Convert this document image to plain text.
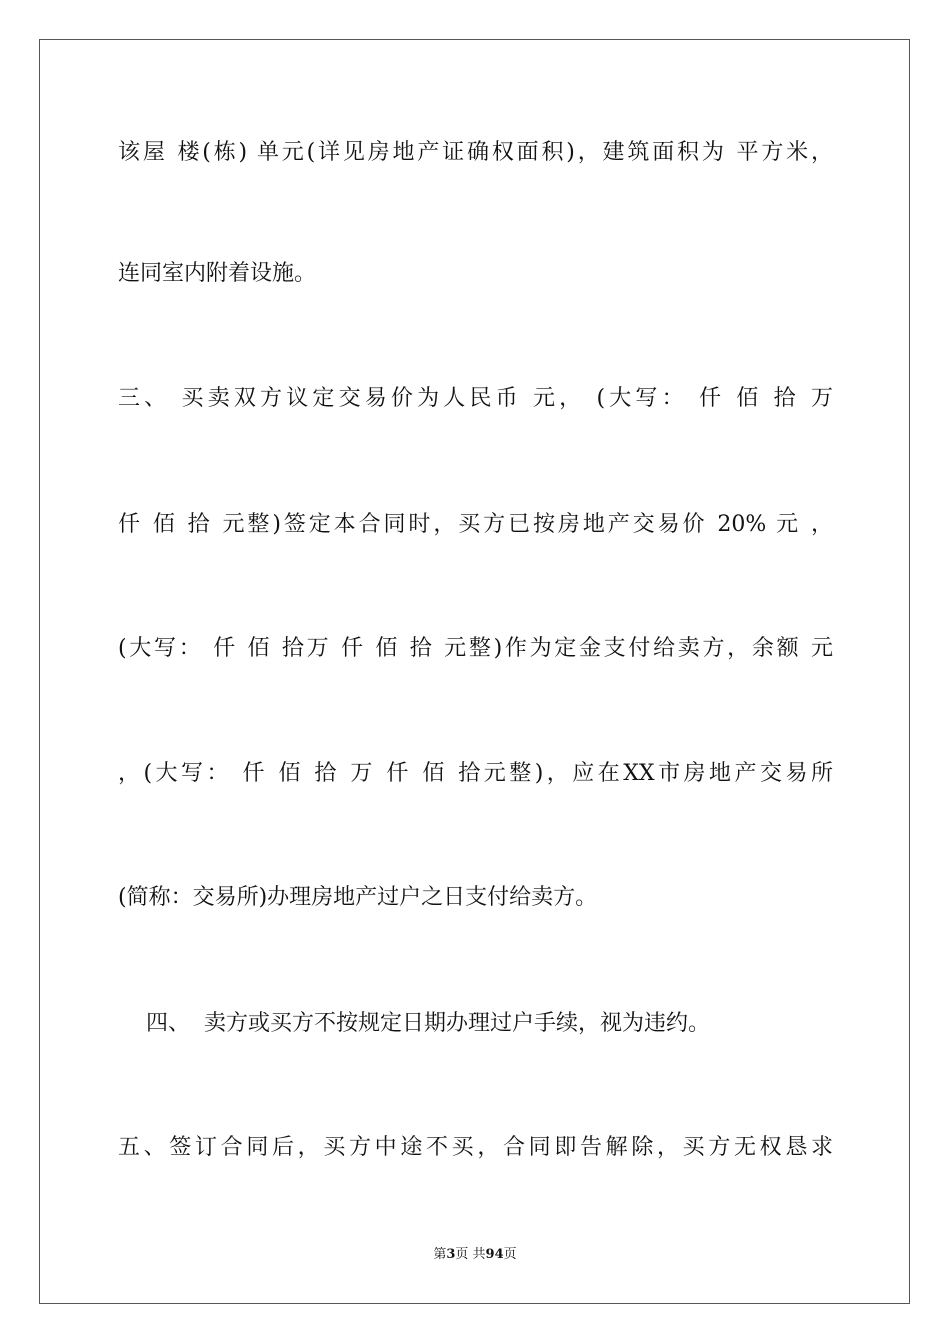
该屋 楼(栋) 单元(详见房地产证确权面积)，建筑面积为 平方米，
连同室内附着设施。
三、 买卖双方议定交易价为人民币 元， (大写： 仟 佰 拾 万
仟 佰 拾 元整)签定本合同时，买方已按房地产交易价 20% 元 ，
(大写： 仟 佰 拾万 仟 佰 拾 元整)作为定金支付给卖方，余额 元
，(大写： 仟 佰 拾 万 仟 佰 拾元整)，应在XX市房地产交易所
(简称：交易所)办理房地产过户之日支付给卖方。
四、  卖方或买方不按规定日期办理过户手续，视为违约。
五、签订合同后，买方中途不买，合同即告解除，买方无权恳求
第3页 共94页
